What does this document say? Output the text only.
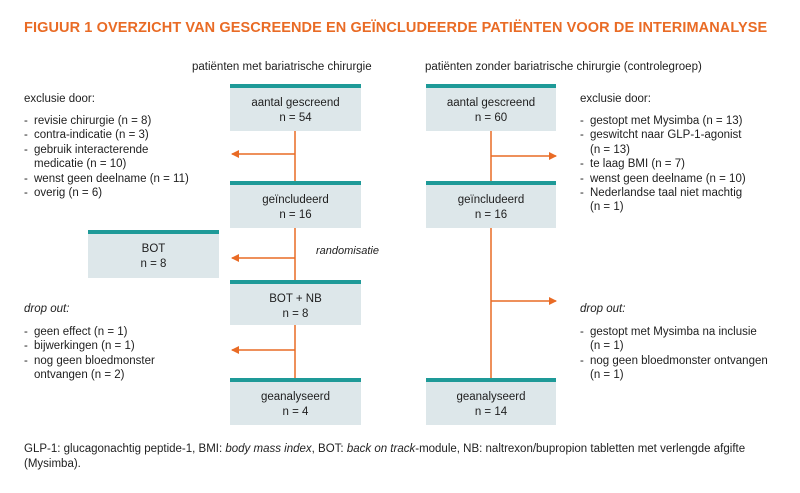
FIGUUR 1 OVERZICHT VAN GESCREENDE EN GEÏNCLUDEERDE PATIËNTEN VOOR DE INTERIMANALYSE
patiënten met bariatrische chirurgie	patiënten zonder bariatrische chirurgie (controlegroep)
aantal gescreend
n = 54
geïncludeerd
n = 16
BOT
n = 8
BOT + NB
n = 8
geanalyseerd
n = 4
randomisatie
aantal gescreend
n = 60
geïncludeerd
n = 16
geanalyseerd
n = 14
exclusie door:
- revisie chirurgie (n = 8)
- contra-indicatie (n = 3)
- gebruik interacterende
medicatie (n = 10)
- wenst geen deelname (n = 11)
- overig (n = 6)
exclusie door:
- gestopt met Mysimba (n = 13)
- geswitcht naar GLP-1-agonist
(n = 13)
- te laag BMI (n = 7)
- wenst geen deelname (n = 10)
- Nederlandse taal niet machtig
(n = 1)
drop out:
- geen effect (n = 1)
- bijwerkingen (n = 1)
- nog geen bloedmonster
ontvangen (n = 2)
drop out:
- gestopt met Mysimba na inclusie
(n = 1)
- nog geen bloedmonster ontvangen
(n = 1)
GLP-1: glucagonachtig peptide-1, BMI: body mass index, BOT: back on track-module, NB: naltrexon/bupropion tabletten met verlengde afgifte (Mysimba).
